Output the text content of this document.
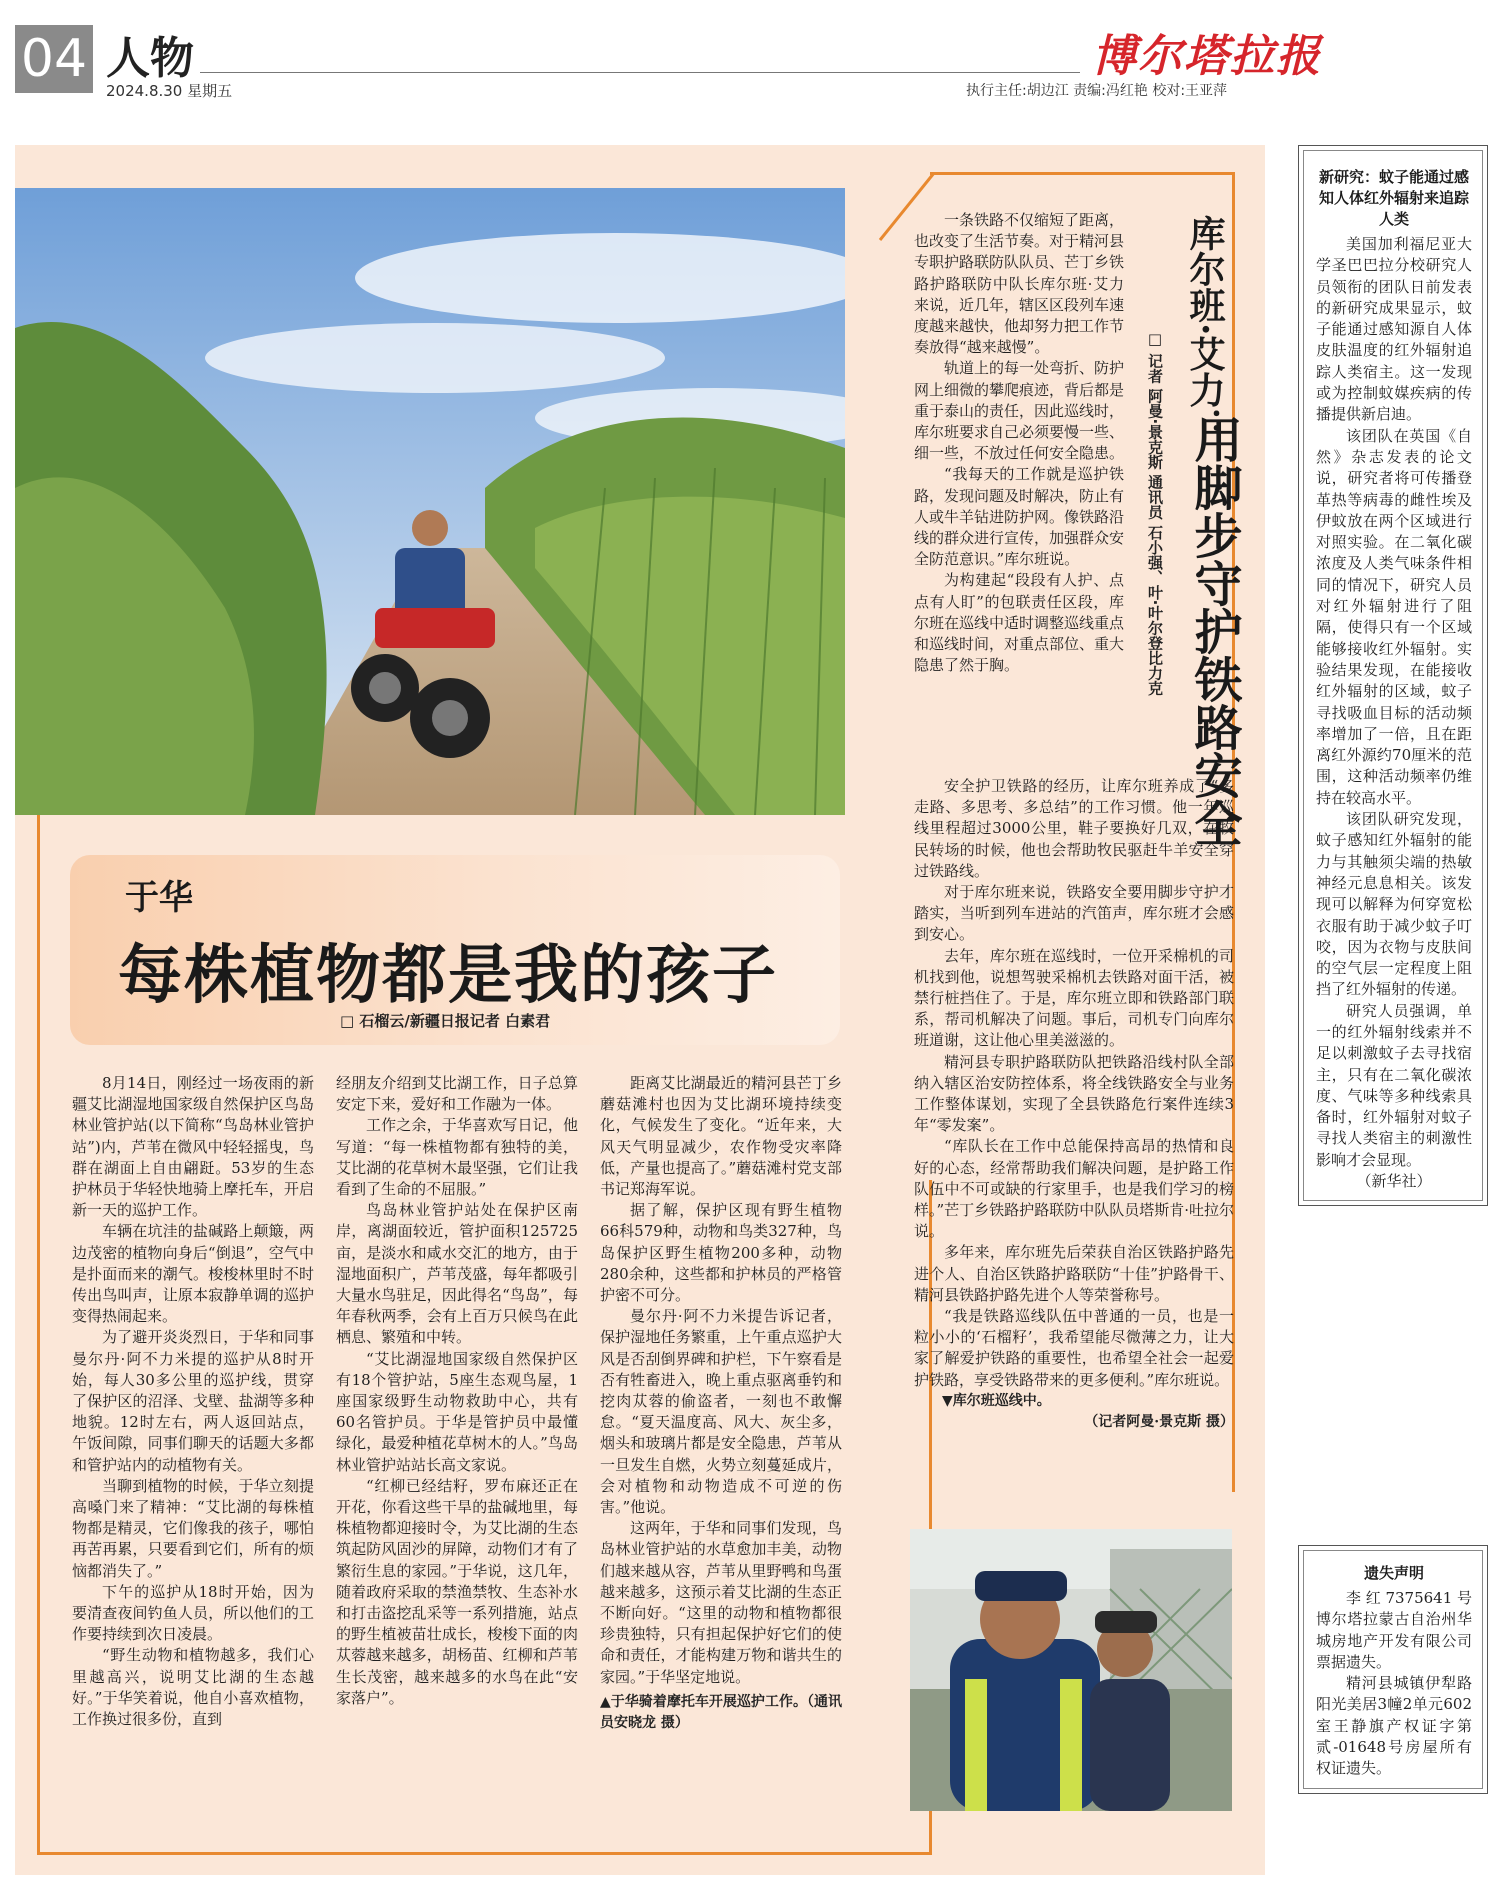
04 人物
2024.8.30 星期五
博尔塔拉报
执行主任:胡边江 责编:冯红艳 校对:王亚萍
于华
每株植物都是我的孩子
□ 石榴云/新疆日报记者 白素君

8月14日，刚经过一场夜雨的新疆艾比湖湿地国家级自然保护区鸟岛林业管护站(以下简称“鸟岛林业管护站”)内，芦苇在微风中轻轻摇曳，鸟群在湖面上自由翩跹。53岁的生态护林员于华轻快地骑上摩托车，开启新一天的巡护工作。

车辆在坑洼的盐碱路上颠簸，两边茂密的植物向身后“倒退”，空气中是扑面而来的潮气。梭梭林里时不时传出鸟叫声，让原本寂静单调的巡护变得热闹起来。

为了避开炎炎烈日，于华和同事曼尔丹·阿不力米提的巡护从8时开始，每人30多公里的巡护线，贯穿了保护区的沼泽、戈壁、盐湖等多种地貌。12时左右，两人返回站点，午饭间隙，同事们聊天的话题大多都和管护站内的动植物有关。

当聊到植物的时候，于华立刻提高嗓门来了精神：“艾比湖的每株植物都是精灵，它们像我的孩子，哪怕再苦再累，只要看到它们，所有的烦恼都消失了。”

下午的巡护从18时开始，因为要清查夜间钓鱼人员，所以他们的工作要持续到次日凌晨。

“野生动物和植物越多，我们心里越高兴，说明艾比湖的生态越好。”于华笑着说，他自小喜欢植物，工作换过很多份，直到

经朋友介绍到艾比湖工作，日子总算安定下来，爱好和工作融为一体。

工作之余，于华喜欢写日记，他写道：“每一株植物都有独特的美，艾比湖的花草树木最坚强，它们让我看到了生命的不屈服。”

鸟岛林业管护站处在保护区南岸，离湖面较近，管护面积125725亩，是淡水和咸水交汇的地方，由于湿地面积广，芦苇茂盛，每年都吸引大量水鸟驻足，因此得名“鸟岛”，每年春秋两季，会有上百万只候鸟在此栖息、繁殖和中转。

“艾比湖湿地国家级自然保护区有18个管护站，5座生态观鸟屋，1座国家级野生动物救助中心，共有60名管护员。于华是管护员中最懂绿化，最爱种植花草树木的人。”鸟岛林业管护站站长高文家说。

“红柳已经结籽，罗布麻还正在开花，你看这些干旱的盐碱地里，每株植物都迎接时令，为艾比湖的生态筑起防风固沙的屏障，动物们才有了繁衍生息的家园。”于华说，这几年，随着政府采取的禁渔禁牧、生态补水和打击盗挖乱采等一系列措施，站点的野生植被苗壮成长，梭梭下面的肉苁蓉越来越多，胡杨苗、红柳和芦苇生长茂密，越来越多的水鸟在此“安家落户”。

距离艾比湖最近的精河县芒丁乡蘑菇滩村也因为艾比湖环境持续变化，气候发生了变化。“近年来，大风天气明显减少，农作物受灾率降低，产量也提高了。”蘑菇滩村党支部书记郑海军说。

据了解，保护区现有野生植物66科579种，动物和鸟类327种，鸟岛保护区野生植物200多种，动物280余种，这些都和护林员的严格管护密不可分。

曼尔丹·阿不力米提告诉记者，保护湿地任务繁重，上午重点巡护大风是否刮倒界碑和护栏，下午察看是否有牲畜进入，晚上重点驱离垂钓和挖肉苁蓉的偷盗者，一刻也不敢懈怠。“夏天温度高、风大、灰尘多，烟头和玻璃片都是安全隐患，芦苇从一旦发生自燃，火势立刻蔓延成片，会对植物和动物造成不可逆的伤害。”他说。

这两年，于华和同事们发现，鸟岛林业管护站的水草愈加丰美，动物们越来越从容，芦苇从里野鸭和鸟蛋越来越多，这预示着艾比湖的生态正不断向好。“这里的动物和植物都很珍贵独特，只有担起保护好它们的使命和责任，才能构建万物和谐共生的家园。”于华坚定地说。

▲于华骑着摩托车开展巡护工作。（通讯员安晓龙 摄）

库尔班·艾力：
用脚步守护铁路安全
□ 记者 阿曼·景克斯 通讯员 石小强、叶·叶尔登比力克

一条铁路不仅缩短了距离，也改变了生活节奏。对于精河县专职护路联防队队员、芒丁乡铁路护路联防中队长库尔班·艾力来说，近几年，辖区区段列车速度越来越快，他却努力把工作节奏放得“越来越慢”。

轨道上的每一处弯折、防护网上细微的攀爬痕迹，背后都是重于泰山的责任，因此巡线时，库尔班要求自己必须要慢一些、细一些，不放过任何安全隐患。

“我每天的工作就是巡护铁路，发现问题及时解决，防止有人或牛羊钻进防护网。像铁路沿线的群众进行宣传，加强群众安全防范意识。”库尔班说。

为构建起“段段有人护、点点有人盯”的包联责任区段，库尔班在巡线中适时调整巡线重点和巡线时间，对重点部位、重大隐患了然于胸。

安全护卫铁路的经历，让库尔班养成了“多走路、多思考、多总结”的工作习惯。他一年巡线里程超过3000公里，鞋子要换好几双，在牧民转场的时候，他也会帮助牧民驱赶牛羊安全穿过铁路线。

对于库尔班来说，铁路安全要用脚步守护才踏实，当听到列车进站的汽笛声，库尔班才会感到安心。

去年，库尔班在巡线时，一位开采棉机的司机找到他，说想驾驶采棉机去铁路对面干活，被禁行桩挡住了。于是，库尔班立即和铁路部门联系，帮司机解决了问题。事后，司机专门向库尔班道谢，这让他心里美滋滋的。

精河县专职护路联防队把铁路沿线村队全部纳入辖区治安防控体系，将全线铁路安全与业务工作整体谋划，实现了全县铁路危行案件连续3年“零发案”。

“库队长在工作中总能保持高昂的热情和良好的心态，经常帮助我们解决问题，是护路工作队伍中不可或缺的行家里手，也是我们学习的榜样。”芒丁乡铁路护路联防中队队员塔斯肯·吐拉尔说。

多年来，库尔班先后荣获自治区铁路护路先进个人、自治区铁路护路联防“十佳”护路骨干、精河县铁路护路先进个人等荣誉称号。

“我是铁路巡线队伍中普通的一员，也是一粒小小的‘石榴籽’，我希望能尽微薄之力，让大家了解爱护铁路的重要性，也希望全社会一起爱护铁路，享受铁路带来的更多便利。”库尔班说。

▼库尔班巡线中。

（记者阿曼·景克斯 摄）

新研究：蚊子能通过感知人体红外辐射来追踪人类

美国加利福尼亚大学圣巴巴拉分校研究人员领衔的团队日前发表的新研究成果显示，蚊子能通过感知源自人体皮肤温度的红外辐射追踪人类宿主。这一发现或为控制蚊媒疾病的传播提供新启迪。

该团队在英国《自然》杂志发表的论文说，研究者将可传播登革热等病毒的雌性埃及伊蚊放在两个区域进行对照实验。在二氧化碳浓度及人类气味条件相同的情况下，研究人员对红外辐射进行了阻隔，使得只有一个区域能够接收红外辐射。实验结果发现，在能接收红外辐射的区域，蚊子寻找吸血目标的活动频率增加了一倍，且在距离红外源约70厘米的范围，这种活动频率仍维持在较高水平。

该团队研究发现，蚊子感知红外辐射的能力与其触须尖端的热敏神经元息息相关。该发现可以解释为何穿宽松衣服有助于减少蚊子叮咬，因为衣物与皮肤间的空气层一定程度上阻挡了红外辐射的传递。

研究人员强调，单一的红外辐射线索并不足以刺激蚊子去寻找宿主，只有在二氧化碳浓度、气味等多种线索具备时，红外辐射对蚊子寻找人类宿主的刺激性影响才会显现。

（新华社）

遗失声明

李红7375641号博尔塔拉蒙古自治州华城房地产开发有限公司票据遗失。

精河县城镇伊犁路阳光美居3幢2单元602室王静旗产权证字第贰-01648号房屋所有权证遗失。
